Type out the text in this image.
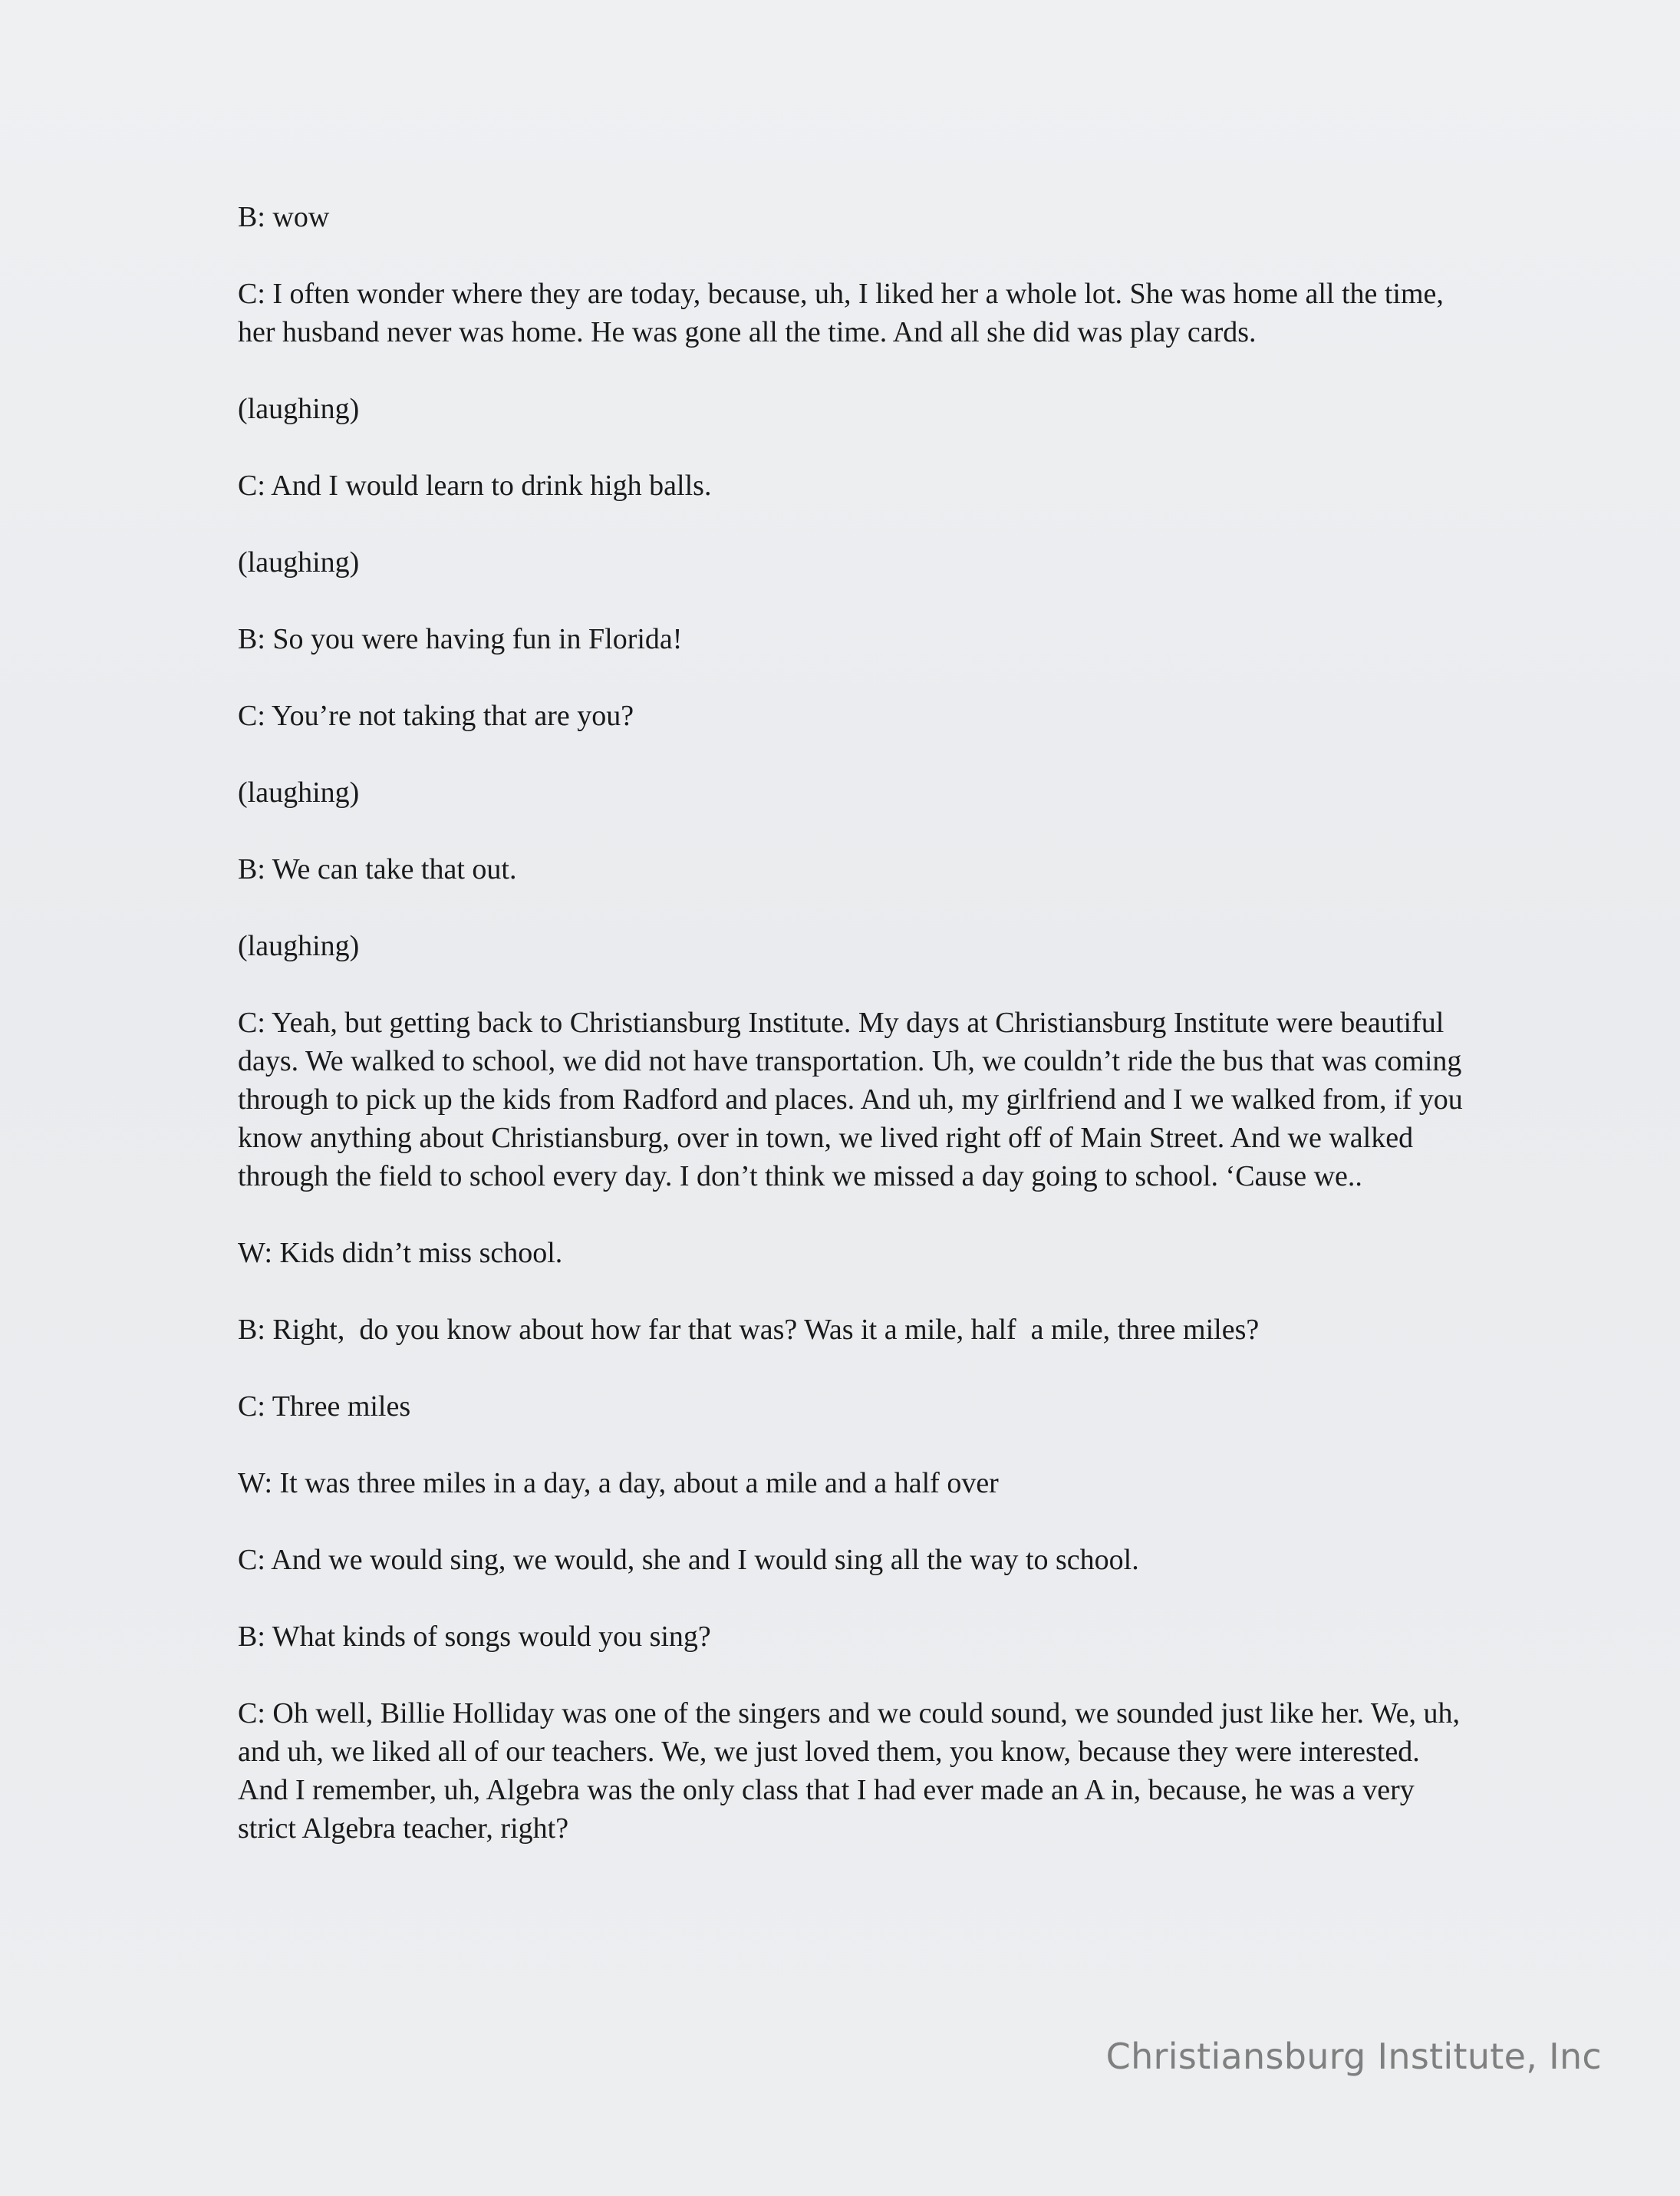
B: wow

C: I often wonder where they are today, because, uh, I liked her a whole lot. She was home all the time, her husband never was home. He was gone all the time. And all she did was play cards.

(laughing)

C: And I would learn to drink high balls.

(laughing)

B: So you were having fun in Florida!

C: You’re not taking that are you?

(laughing)

B: We can take that out.

(laughing)

C: Yeah, but getting back to Christiansburg Institute. My days at Christiansburg Institute were beautiful days. We walked to school, we did not have transportation. Uh, we couldn’t ride the bus that was coming through to pick up the kids from Radford and places. And uh, my girlfriend and I we walked from, if you know anything about Christiansburg, over in town, we lived right off of Main Street. And we walked through the field to school every day. I don’t think we missed a day going to school. ‘Cause we..

W: Kids didn’t miss school.

B: Right,  do you know about how far that was? Was it a mile, half  a mile, three miles?

C: Three miles

W: It was three miles in a day, a day, about a mile and a half over

C: And we would sing, we would, she and I would sing all the way to school.

B: What kinds of songs would you sing?

C: Oh well, Billie Holliday was one of the singers and we could sound, we sounded just like her. We, uh, and uh, we liked all of our teachers. We, we just loved them, you know, because they were interested. And I remember, uh, Algebra was the only class that I had ever made an A in, because, he was a very strict Algebra teacher, right?

Christiansburg Institute, Inc
